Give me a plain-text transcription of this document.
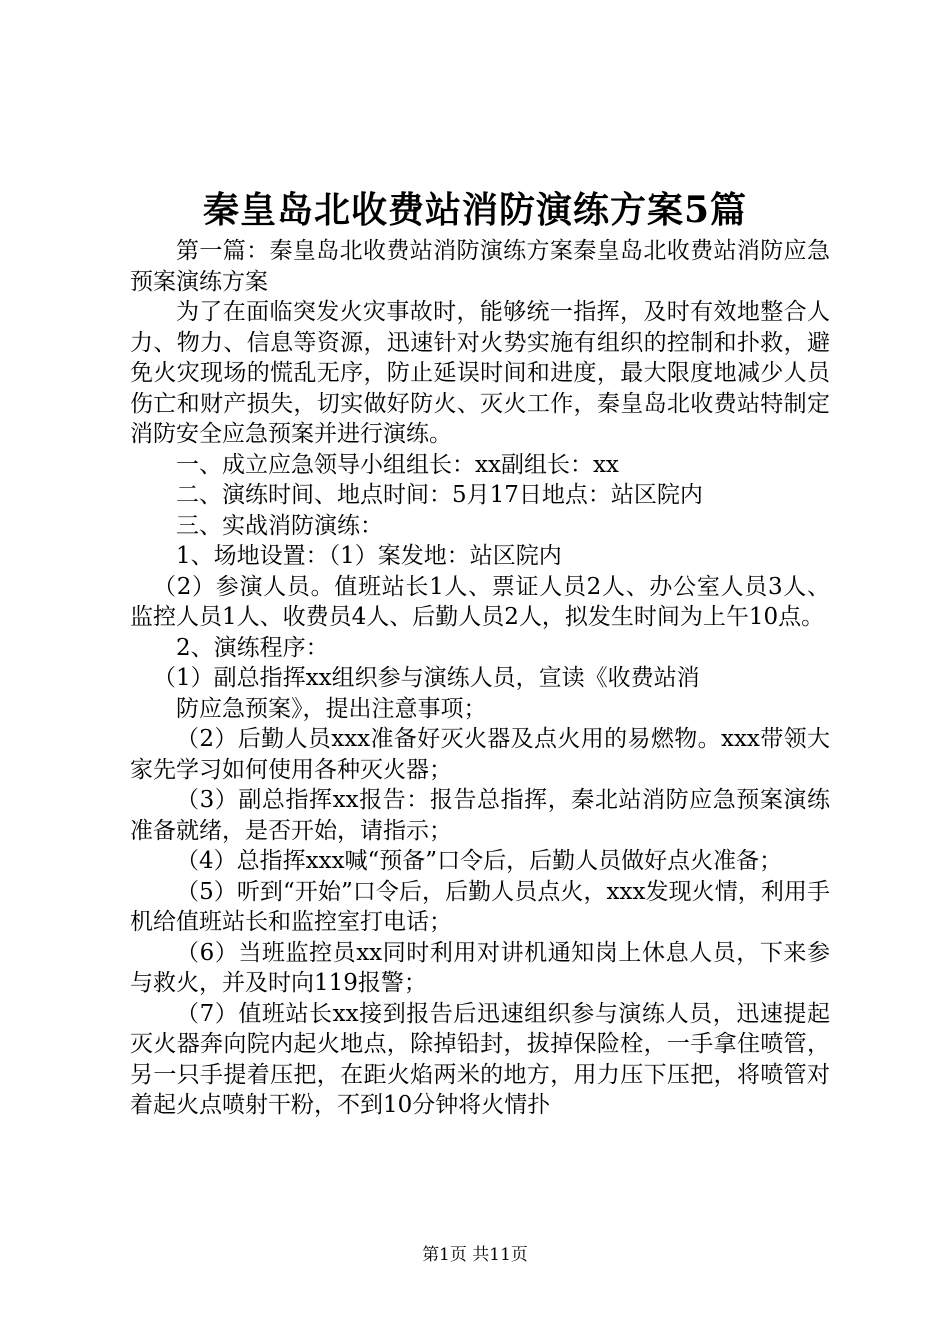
秦皇岛北收费站消防演练方案5篇

第一篇：秦皇岛北收费站消防演练方案秦皇岛北收费站消防应急预案演练方案

为了在面临突发火灾事故时，能够统一指挥，及时有效地整合人力、物力、信息等资源，迅速针对火势实施有组织的控制和扑救，避免火灾现场的慌乱无序，防止延误时间和进度，最大限度地减少人员伤亡和财产损失，切实做好防火、灭火工作，秦皇岛北收费站特制定消防安全应急预案并进行演练。

一、成立应急领导小组组长：xx副组长：xx

二、演练时间、地点时间：5月17日地点：站区院内

三、实战消防演练：

1、场地设置：（1）案发地：站区院内

（2）参演人员。值班站长1人、票证人员2人、办公室人员3人、监控人员1人、收费员4人、后勤人员2人，拟发生时间为上午10点。

2、演练程序：

（1）副总指挥xx组织参与演练人员，宣读《收费站消

防应急预案》，提出注意事项；

（2）后勤人员xxx准备好灭火器及点火用的易燃物。xxx带领大家先学习如何使用各种灭火器；

（3）副总指挥xx报告：报告总指挥，秦北站消防应急预案演练准备就绪，是否开始，请指示；

（4）总指挥xxx喊“预备”口令后，后勤人员做好点火准备；

（5）听到“开始”口令后，后勤人员点火，xxx发现火情，利用手机给值班站长和监控室打电话；

（6）当班监控员xx同时利用对讲机通知岗上休息人员，下来参与救火，并及时向119报警；

（7）值班站长xx接到报告后迅速组织参与演练人员，迅速提起灭火器奔向院内起火地点，除掉铅封，拔掉保险栓，一手拿住喷管，另一只手提着压把，在距火焰两米的地方，用力压下压把，将喷管对着起火点喷射干粉，不到10分钟将火情扑

第1页 共11页
